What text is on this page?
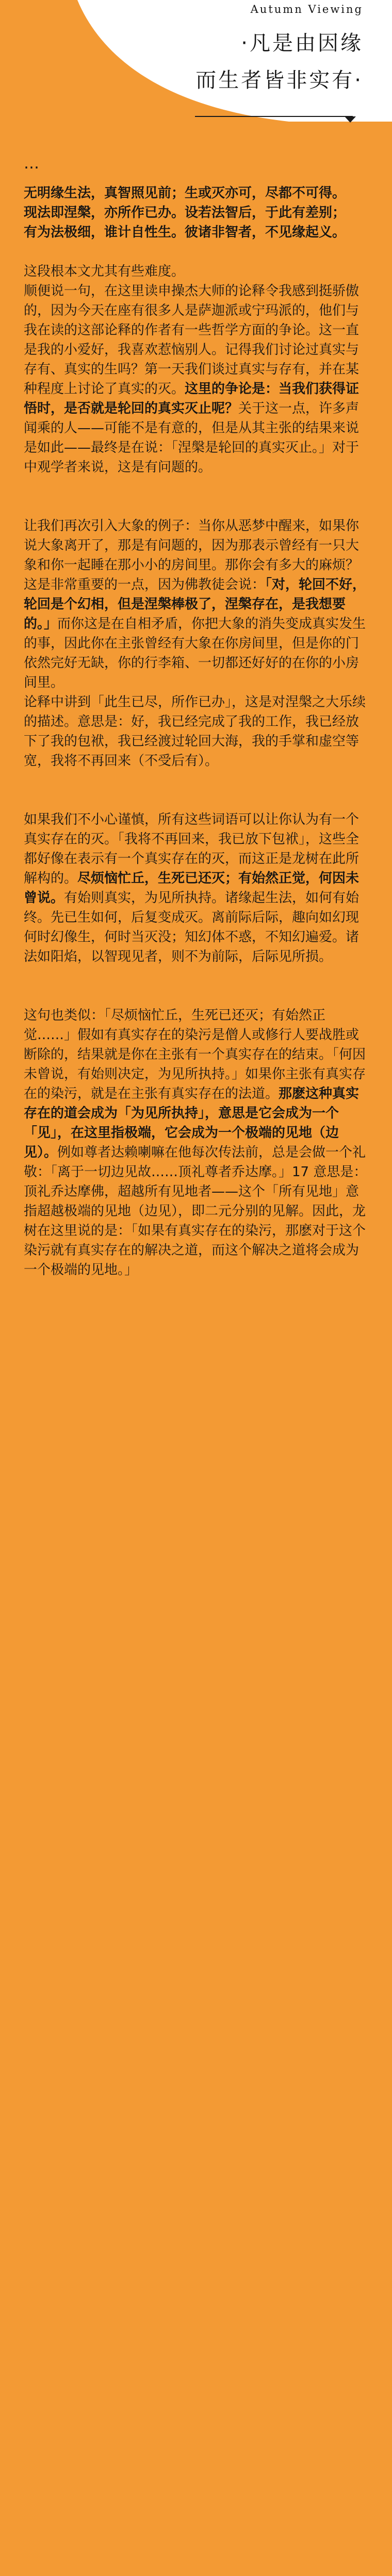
Autumn Viewing
·凡是由因缘
而生者皆非实有·
…

无明缘生法，真智照见前；生或灭亦可，尽都不可得。

现法即涅槃，亦所作已办。设若法智后，于此有差别；

有为法极细，谁计自性生。彼诸非智者，不见缘起义。

这段根本文尤其有些难度。

顺便说一句，在这里读申操杰大师的论释令我感到挺骄傲的，因为今天在座有很多人是萨迦派或宁玛派的，他们与我在读的这部论释的作者有一些哲学方面的争论。这一直是我的小爱好，我喜欢惹恼别人。记得我们讨论过真实与存有、真实的生吗？第一天我们谈过真实与存有，并在某种程度上讨论了真实的灭。这里的争论是：当我们获得证悟时，是否就是轮回的真实灭止呢？关于这一点，许多声闻乘的人——可能不是有意的，但是从其主张的结果来说是如此——最终是在说：「涅槃是轮回的真实灭止。」对于中观学者来说，这是有问题的。

让我们再次引入大象的例子：当你从恶梦中醒来，如果你说大象离开了，那是有问题的，因为那表示曾经有一只大象和你一起睡在那小小的房间里。那你会有多大的麻烦？这是非常重要的一点，因为佛教徒会说：「对，轮回不好，轮回是个幻相，但是涅槃棒极了，涅槃存在，是我想要的。」而你这是在自相矛盾，你把大象的消失变成真实发生的事，因此你在主张曾经有大象在你房间里，但是你的门依然完好无缺，你的行李箱、一切都还好好的在你的小房间里。

论释中讲到「此生已尽，所作已办」，这是对涅槃之大乐续的描述。意思是：好，我已经完成了我的工作，我已经放下了我的包袱，我已经渡过轮回大海，我的手掌和虚空等宽，我将不再回来（不受后有）。

如果我们不小心谨慎，所有这些词语可以让你认为有一个真实存在的灭。「我将不再回来，我已放下包袱」，这些全都好像在表示有一个真实存在的灭，而这正是龙树在此所解构的。尽烦恼忙丘，生死已还灭；有始然正觉，何因未曾说。有始则真实，为见所执持。诸缘起生法，如何有始终。先已生如何，后复变成灭。离前际后际，趣向如幻现何时幻像生，何时当灭没；知幻体不惑，不知幻遍爱。诸法如阳焰，以智现见者，则不为前际，后际见所损。

这句也类似：「尽烦恼忙丘，生死已还灭；有始然正觉……」假如有真实存在的染污是僧人或修行人要战胜或断除的，结果就是你在主张有一个真实存在的结束。「何因未曾说，有始则决定，为见所执持。」如果你主张有真实存在的染污，就是在主张有真实存在的法道。那麽这种真实存在的道会成为「为见所执持」，意思是它会成为一个「见」，在这里指极端，它会成为一个极端的见地（边见）。例如尊者达赖喇嘛在他每次传法前，总是会做一个礼敬：「离于一切边见故……顶礼尊者乔达摩。」17 意思是：顶礼乔达摩佛，超越所有见地者——这个「所有见地」意指超越极端的见地（边见），即二元分别的见解。因此，龙树在这里说的是：「如果有真实存在的染污，那麽对于这个染污就有真实存在的解决之道，而这个解决之道将会成为一个极端的见地。」
